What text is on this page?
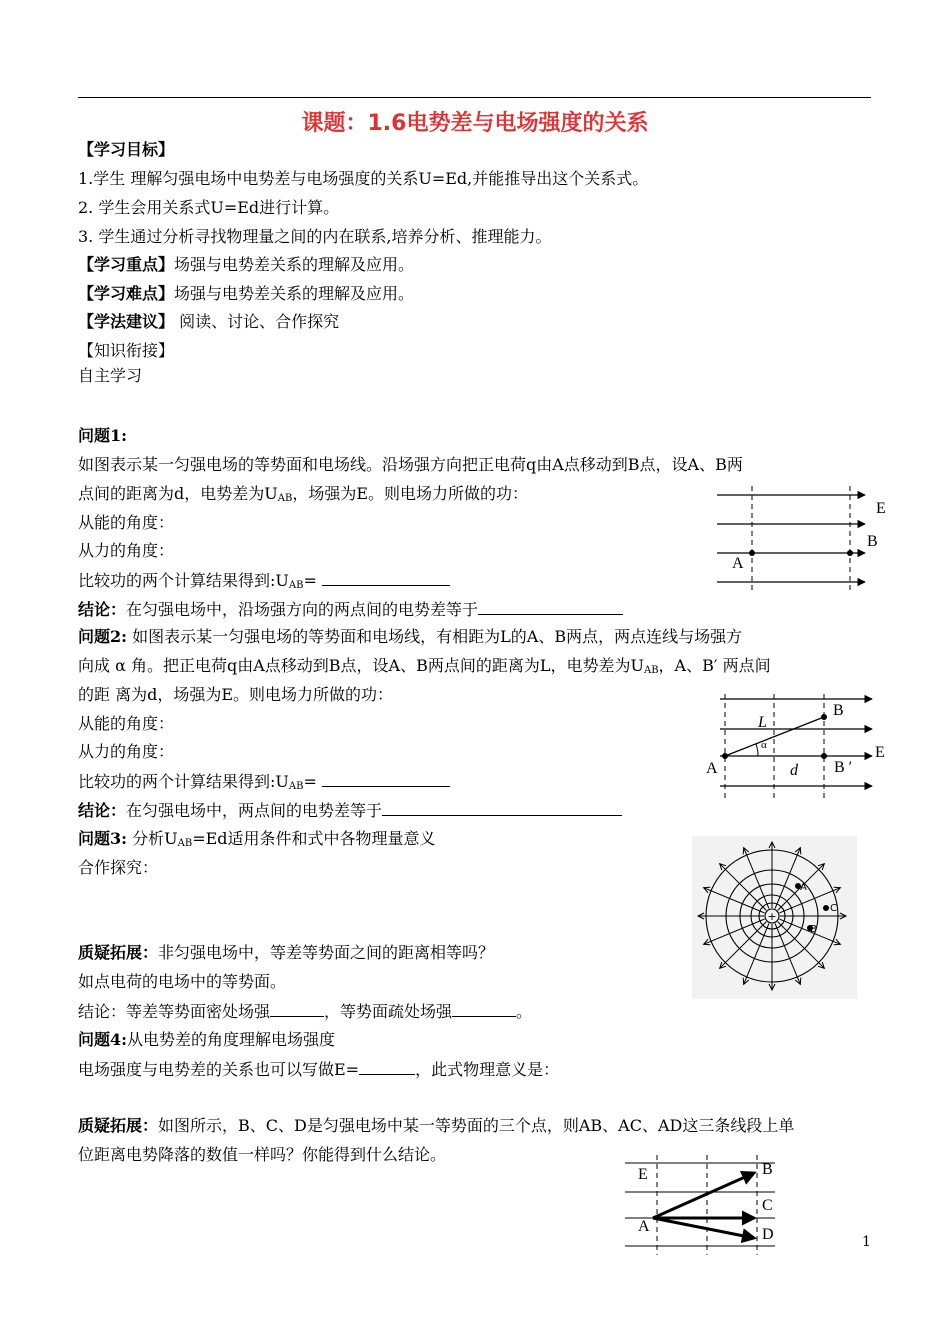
课题：1.6电势差与电场强度的关系
【学习目标】
1.学生 理解匀强电场中电势差与电场强度的关系U=Ed,并能推导出这个关系式。
2. 学生会用关系式U=Ed进行计算。
3. 学生通过分析寻找物理量之间的内在联系,培养分析、推理能力。
【学习重点】场强与电势差关系的理解及应用。
【学习难点】场强与电势差关系的理解及应用。
【学法建议】 阅读、讨论、合作探究
【知识衔接】
自主学习
问题1:
如图表示某一匀强电场的等势面和电场线。沿场强方向把正电荷q由A点移动到B点，设A、B两
点间的距离为d，电势差为$U_{AB}$，场强为E。则电场力所做的功：
从能的角度：
从力的角度：
比较功的两个计算结果得到$:U_{AB}=$
结论：在匀强电场中，沿场强方向的两点间的电势差等于
E
B
A
问题2: 如图表示某一匀强电场的等势面和电场线，有相距为L的A、B两点，两点连线与场强方
向成 α 角。把正电荷q由A点移动到B点，设A、B两点间的距离为L，电势差为$U_{AB}$，A、B′ 两点间
的距 离为d，场强为E。则电场力所做的功：
从能的角度：
从力的角度：
比较功的两个计算结果得到$:U_{AB}=$
结论：在匀强电场中，两点间的电势差等于
B
L
α	E
A	d B ′
问题3: 分析$U_{AB}=Ed$适用条件和式中各物理量意义
合作探究：
+
A
C
B
质疑拓展：非匀强电场中，等差等势面之间的距离相等吗？
如点电荷的电场中的等势面。
结论：等差等势面密处场强	，等势面疏处场强	。
问题4:从电势差的角度理解电场强度
电场强度与电势差的关系也可以写做E=	，此式物理意义是：
质疑拓展：如图所示，B、C、D是匀强电场中某一等势面的三个点，则AB、AC、AD这三条线段上单
位距离电势降落的数值一样吗？你能得到什么结论。
E
A
B
C
D	1
